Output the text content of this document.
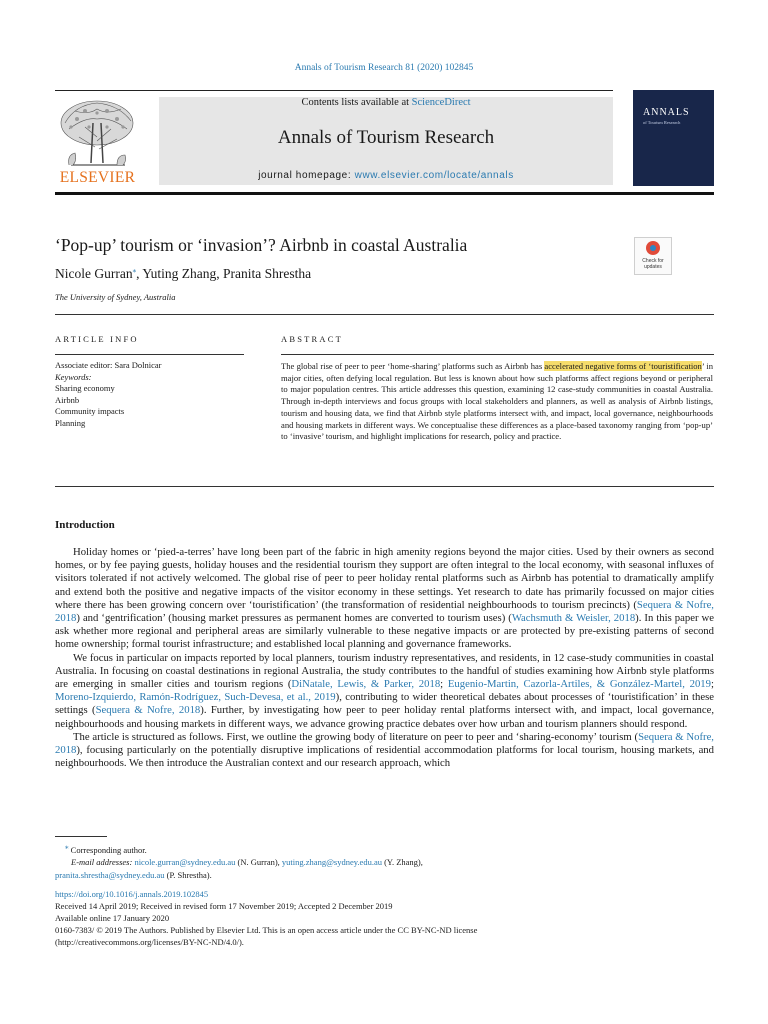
Annals of Tourism Research 81 (2020) 102845
ELSEVIER
Contents lists available at ScienceDirect
Annals of Tourism Research
journal homepage: www.elsevier.com/locate/annals
ANNALS
of Tourism Research
‘Pop-up’ tourism or ‘invasion’? Airbnb in coastal Australia
Check for updates
Nicole Gurran⁎, Yuting Zhang, Pranita Shrestha
The University of Sydney, Australia
ARTICLE INFO	ABSTRACT
Associate editor: Sara Dolnicar
Keywords:
Sharing economy
Airbnb
Community impacts
Planning
The global rise of peer to peer ‘home-sharing’ platforms such as Airbnb has accelerated negative forms of ‘touristification’ in major cities, often defying local regulation. But less is known about how such platforms affect regions beyond or peripheral to major population centres. This article addresses this question, examining 12 case-study communities in coastal Australia. Through in-depth interviews and focus groups with local stakeholders and planners, as well as analysis of Airbnb listings, tourism and housing data, we find that Airbnb style platforms intersect with, and impact, local governance, neighbourhoods and housing markets in different ways. We conceptualise these differences as a place-based taxonomy ranging from ‘pop-up’ to ‘invasive’ tourism, and highlight implications for research, policy and practice.
Introduction

Holiday homes or ‘pied-a-terres’ have long been part of the fabric in high amenity regions beyond the major cities. Used by their owners as second homes, or by fee paying guests, holiday houses and the residential tourism they support are often integral to the local economy, with seasonal influxes of visitors tolerated if not actively welcomed. The global rise of peer to peer holiday rental platforms such as Airbnb has potential to dramatically amplify and extend both the positive and negative impacts of the visitor economy in these settings. Yet research to date has primarily focussed on major cities where there has been growing concern over ‘touristification’ (the transformation of residential neighbourhoods to tourism precincts) (Sequera & Nofre, 2018) and ‘gentrification’ (housing market pressures as permanent homes are converted to tourism uses) (Wachsmuth & Weisler, 2018). In this paper we ask whether more regional and peripheral areas are similarly vulnerable to these negative impacts or are protected by pre-existing patterns of second home ownership; formal tourist infrastructure; and established local planning and governance frameworks.

We focus in particular on impacts reported by local planners, tourism industry representatives, and residents, in 12 case-study communities in coastal Australia. In focusing on coastal destinations in regional Australia, the study contributes to the handful of studies examining how Airbnb style platforms are emerging in smaller cities and tourism regions (DiNatale, Lewis, & Parker, 2018; Eugenio-Martin, Cazorla-Artiles, & González-Martel, 2019; Moreno-Izquierdo, Ramón-Rodríguez, Such-Devesa, et al., 2019), contributing to wider theoretical debates about processes of ‘touristification’ in these settings (Sequera & Nofre, 2018). Further, by investigating how peer to peer holiday rental platforms intersect with, and impact, local governance, neighbourhoods and housing markets in different ways, we advance growing practice debates over how urban and tourism planners should respond.

The article is structured as follows. First, we outline the growing body of literature on peer to peer and ‘sharing-economy’ tourism (Sequera & Nofre, 2018), focusing particularly on the potentially disruptive implications of residential accommodation platforms for local tourism, housing markets, and neighbourhoods. We then introduce the Australian context and our research approach, which

⁎ Corresponding author.
E-mail addresses: nicole.gurran@sydney.edu.au (N. Gurran), yuting.zhang@sydney.edu.au (Y. Zhang),
pranita.shrestha@sydney.edu.au (P. Shrestha).
https://doi.org/10.1016/j.annals.2019.102845
Received 14 April 2019; Received in revised form 17 November 2019; Accepted 2 December 2019
Available online 17 January 2020
0160-7383/ © 2019 The Authors. Published by Elsevier Ltd. This is an open access article under the CC BY-NC-ND license
(http://creativecommons.org/licenses/BY-NC-ND/4.0/).
